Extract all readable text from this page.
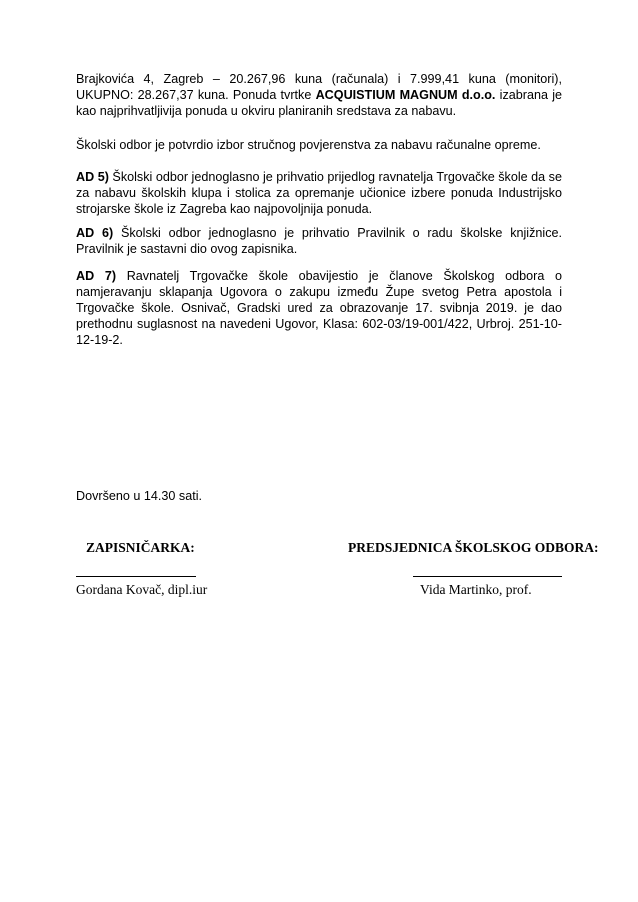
Brajkovića 4, Zagreb – 20.267,96 kuna (računala) i 7.999,41 kuna (monitori), UKUPNO: 28.267,37 kuna. Ponuda tvrtke ACQUISTIUM MAGNUM d.o.o. izabrana je kao najprihvatljivija ponuda u okviru planiranih sredstava za nabavu.

Školski odbor je potvrdio izbor stručnog povjerenstva za nabavu računalne opreme.

AD 5) Školski odbor jednoglasno je prihvatio prijedlog ravnatelja Trgovačke škole da se za nabavu školskih klupa i stolica za opremanje učionice izbere ponuda Industrijsko strojarske škole iz Zagreba kao najpovoljnija ponuda.

AD 6) Školski odbor jednoglasno je prihvatio Pravilnik o radu školske knjižnice. Pravilnik je sastavni dio ovog zapisnika.

AD 7) Ravnatelj Trgovačke škole obavijestio je članove Školskog odbora o namjeravanju sklapanja Ugovora o zakupu između Župe svetog Petra apostola i Trgovačke škole. Osnivač, Gradski ured za obrazovanje 17. svibnja 2019. je dao prethodnu suglasnost na navedeni Ugovor, Klasa: 602-03/19-001/422, Urbroj. 251-10-12-19-2.

Dovršeno u 14.30 sati.

ZAPISNIČARKA:	PREDSJEDNICA ŠKOLSKOG ODBORA:
Gordana Kovač, dipl.iur	Vida Martinko, prof.
